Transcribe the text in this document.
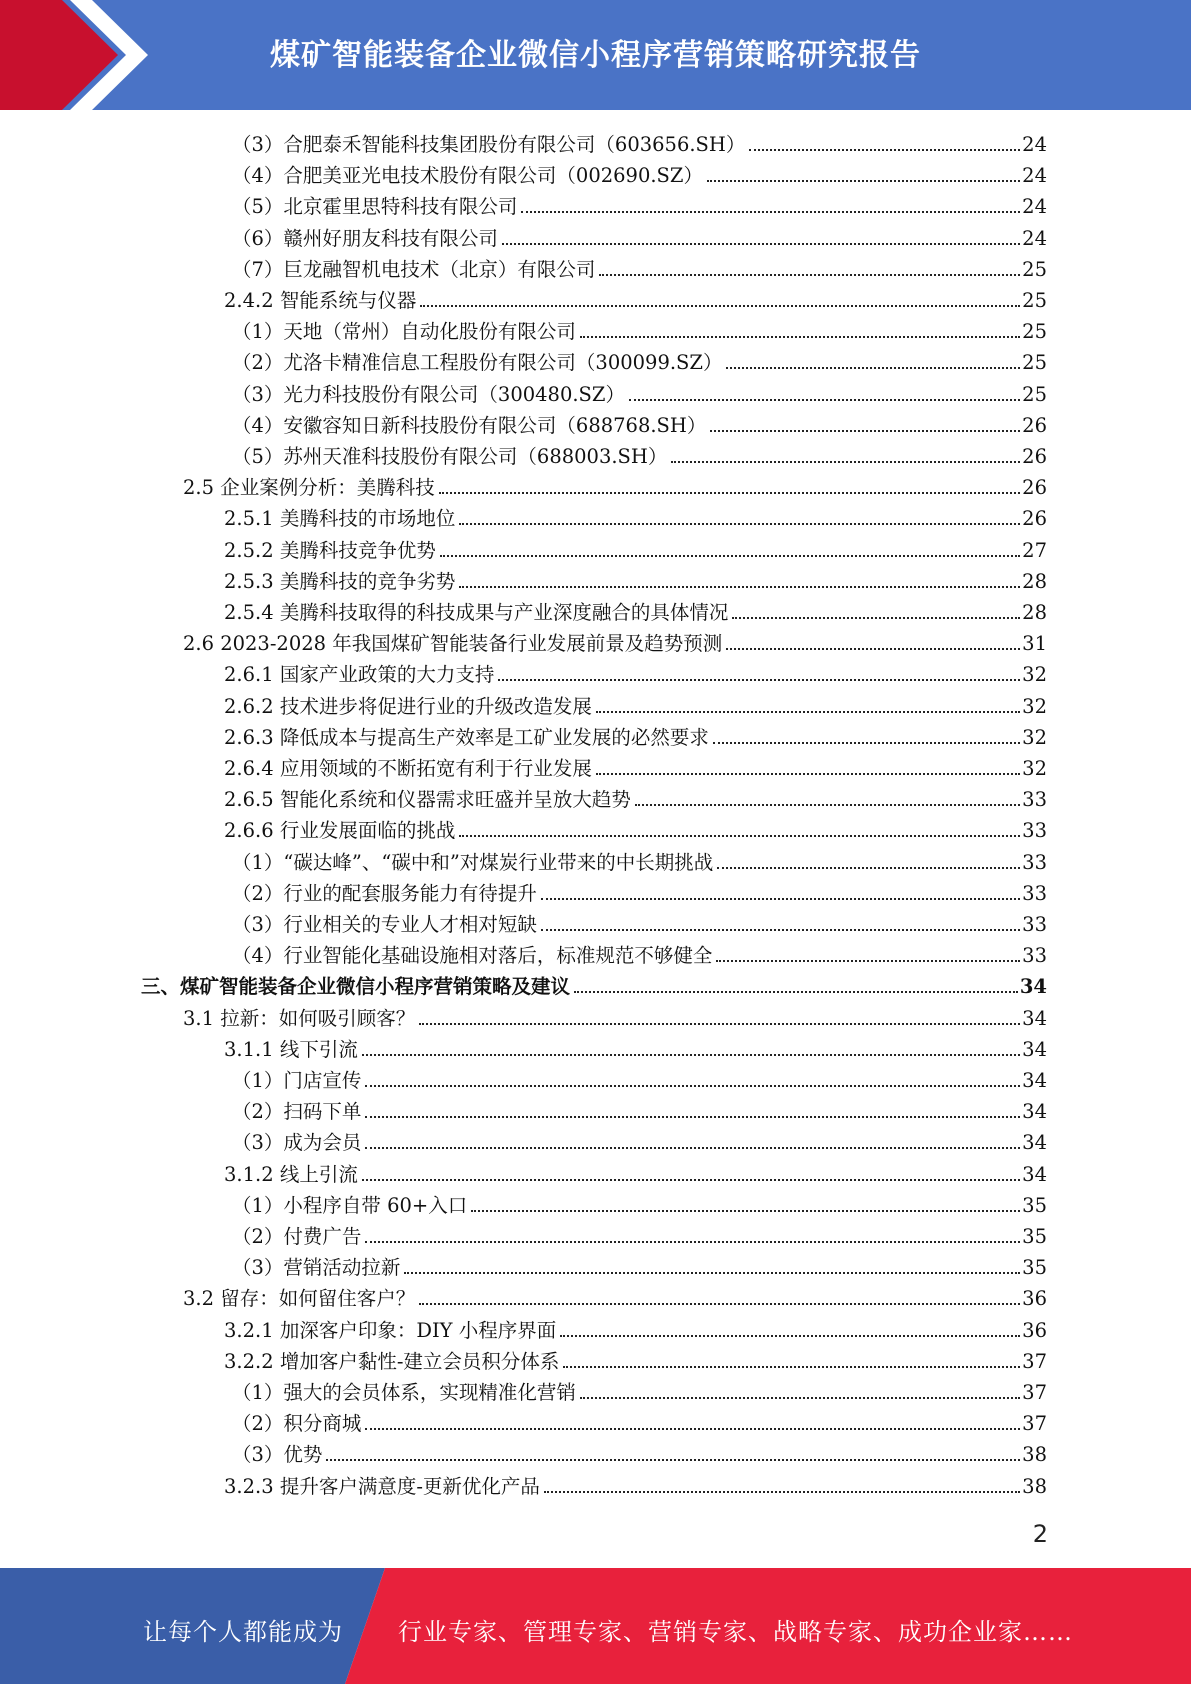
煤矿智能装备企业微信小程序营销策略研究报告
（3）合肥泰禾智能科技集团股份有限公司（603656.SH）	24
（4）合肥美亚光电技术股份有限公司（002690.SZ）	24
（5）北京霍里思特科技有限公司	24
（6）赣州好朋友科技有限公司	24
（7）巨龙融智机电技术（北京）有限公司	25
2.4.2 智能系统与仪器	25
（1）天地（常州）自动化股份有限公司	25
（2）尤洛卡精准信息工程股份有限公司（300099.SZ）	25
（3）光力科技股份有限公司（300480.SZ）	25
（4）安徽容知日新科技股份有限公司（688768.SH）	26
（5）苏州天准科技股份有限公司（688003.SH）	26
2.5 企业案例分析：美腾科技	26
2.5.1 美腾科技的市场地位	26
2.5.2 美腾科技竞争优势	27
2.5.3 美腾科技的竞争劣势	28
2.5.4 美腾科技取得的科技成果与产业深度融合的具体情况	28
2.6 2023-2028 年我国煤矿智能装备行业发展前景及趋势预测	31
2.6.1 国家产业政策的大力支持	32
2.6.2 技术进步将促进行业的升级改造发展	32
2.6.3 降低成本与提高生产效率是工矿业发展的必然要求	32
2.6.4 应用领域的不断拓宽有利于行业发展	32
2.6.5 智能化系统和仪器需求旺盛并呈放大趋势	33
2.6.6 行业发展面临的挑战	33
（1）“碳达峰”、“碳中和”对煤炭行业带来的中长期挑战	33
（2）行业的配套服务能力有待提升	33
（3）行业相关的专业人才相对短缺	33
（4）行业智能化基础设施相对落后，标准规范不够健全	33
三、煤矿智能装备企业微信小程序营销策略及建议	34
3.1 拉新：如何吸引顾客？	34
3.1.1 线下引流	34
（1）门店宣传	34
（2）扫码下单	34
（3）成为会员	34
3.1.2 线上引流	34
（1）小程序自带 60+入口	35
（2）付费广告	35
（3）营销活动拉新	35
3.2 留存：如何留住客户？	36
3.2.1 加深客户印象：DIY 小程序界面	36
3.2.2 增加客户黏性-建立会员积分体系	37
（1）强大的会员体系，实现精准化营销	37
（2）积分商城	37
（3）优势	38
3.2.3 提升客户满意度-更新优化产品	38
2
让每个人都能成为 行业专家、管理专家、营销专家、战略专家、成功企业家……
